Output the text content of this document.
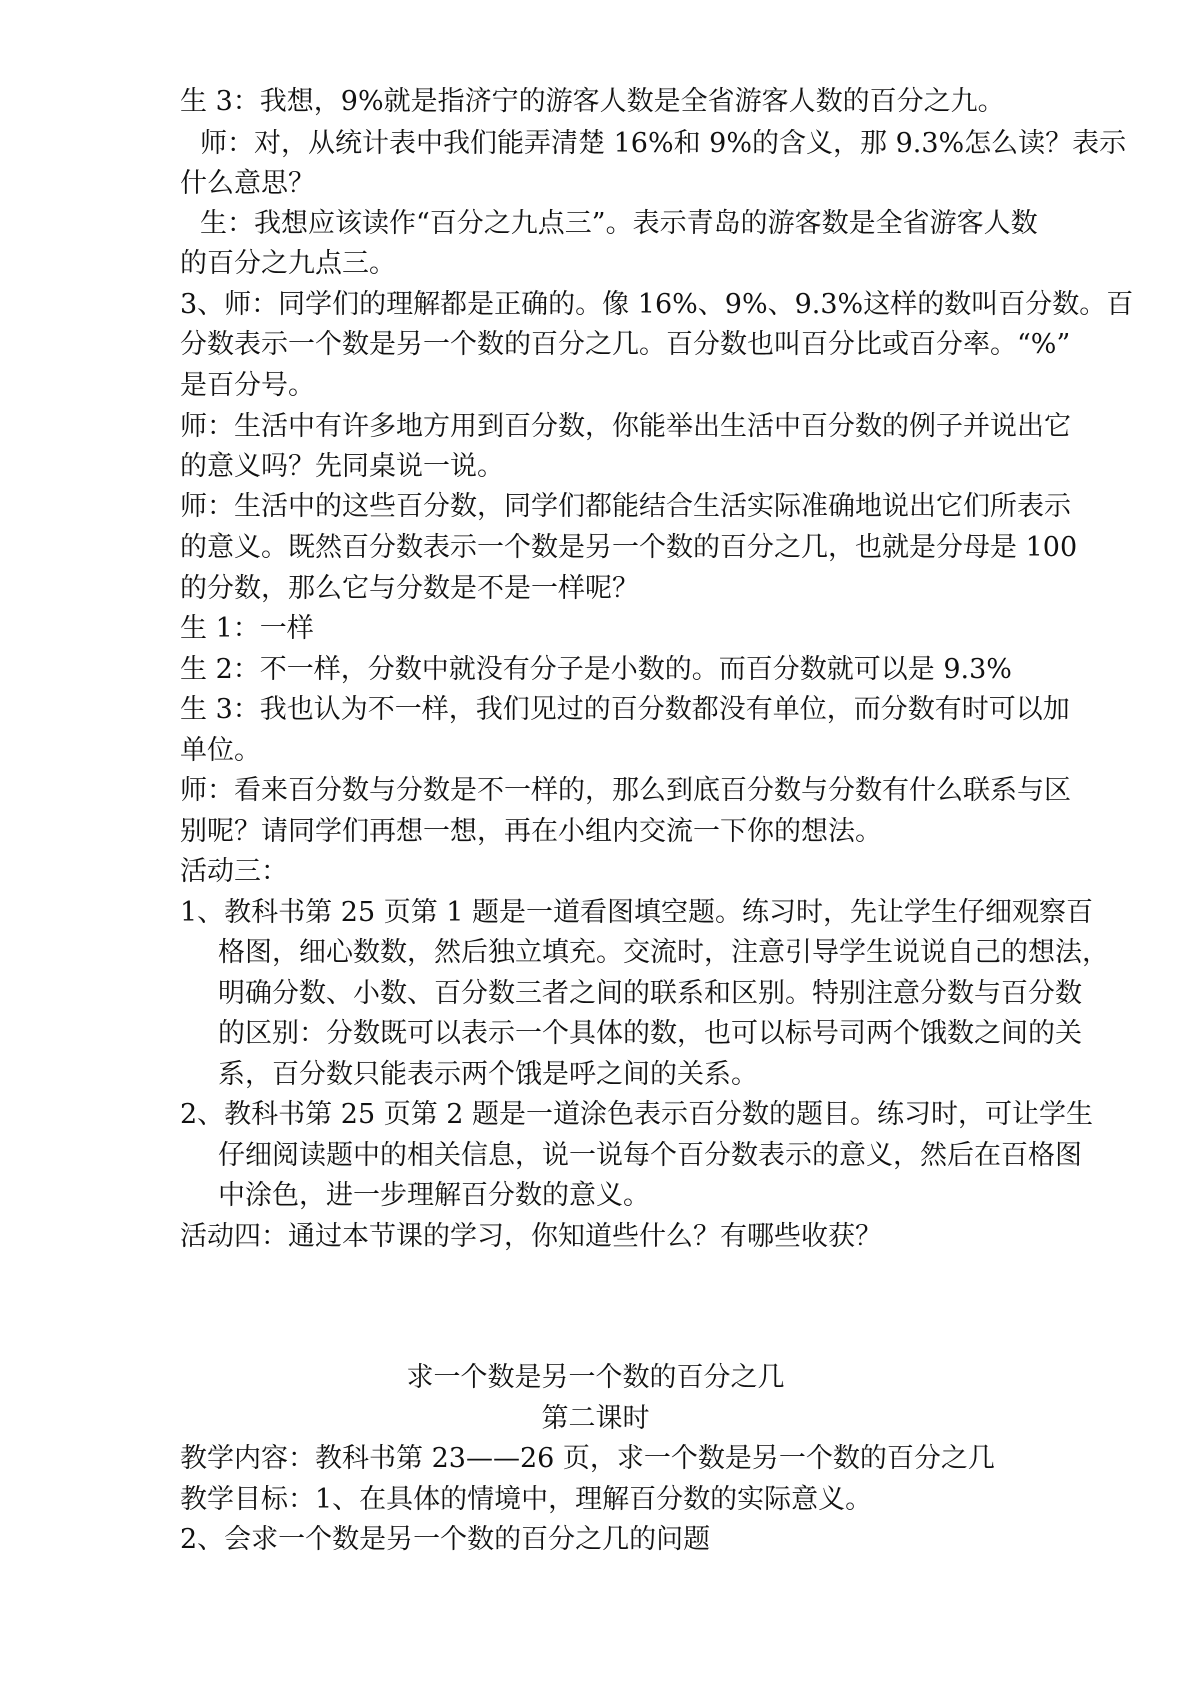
生 3：我想，9%就是指济宁的游客人数是全省游客人数的百分之九。
师：对，从统计表中我们能弄清楚 16%和 9%的含义，那 9.3%怎么读？表示
什么意思？
生：我想应该读作“百分之九点三”。表示青岛的游客数是全省游客人数
的百分之九点三。
3、师：同学们的理解都是正确的。像 16%、9%、9.3%这样的数叫百分数。百
分数表示一个数是另一个数的百分之几。百分数也叫百分比或百分率。“%”
是百分号。
师：生活中有许多地方用到百分数，你能举出生活中百分数的例子并说出它
的意义吗？先同桌说一说。
师：生活中的这些百分数，同学们都能结合生活实际准确地说出它们所表示
的意义。既然百分数表示一个数是另一个数的百分之几，也就是分母是 100
的分数，那么它与分数是不是一样呢？
生 1：一样
生 2：不一样，分数中就没有分子是小数的。而百分数就可以是 9.3%
生 3：我也认为不一样，我们见过的百分数都没有单位，而分数有时可以加
单位。
师：看来百分数与分数是不一样的，那么到底百分数与分数有什么联系与区
别呢？请同学们再想一想，再在小组内交流一下你的想法。
活动三：
1、教科书第 25 页第 1 题是一道看图填空题。练习时，先让学生仔细观察百
格图，细心数数，然后独立填充。交流时，注意引导学生说说自己的想法，
明确分数、小数、百分数三者之间的联系和区别。特别注意分数与百分数
的区别：分数既可以表示一个具体的数，也可以标号司两个饿数之间的关
系，百分数只能表示两个饿是呼之间的关系。
2、教科书第 25 页第 2 题是一道涂色表示百分数的题目。练习时，可让学生
仔细阅读题中的相关信息，说一说每个百分数表示的意义，然后在百格图
中涂色，进一步理解百分数的意义。
活动四：通过本节课的学习，你知道些什么？有哪些收获？
求一个数是另一个数的百分之几
第二课时
教学内容：教科书第 23——26 页，求一个数是另一个数的百分之几
教学目标：1、在具体的情境中，理解百分数的实际意义。
2、会求一个数是另一个数的百分之几的问题
